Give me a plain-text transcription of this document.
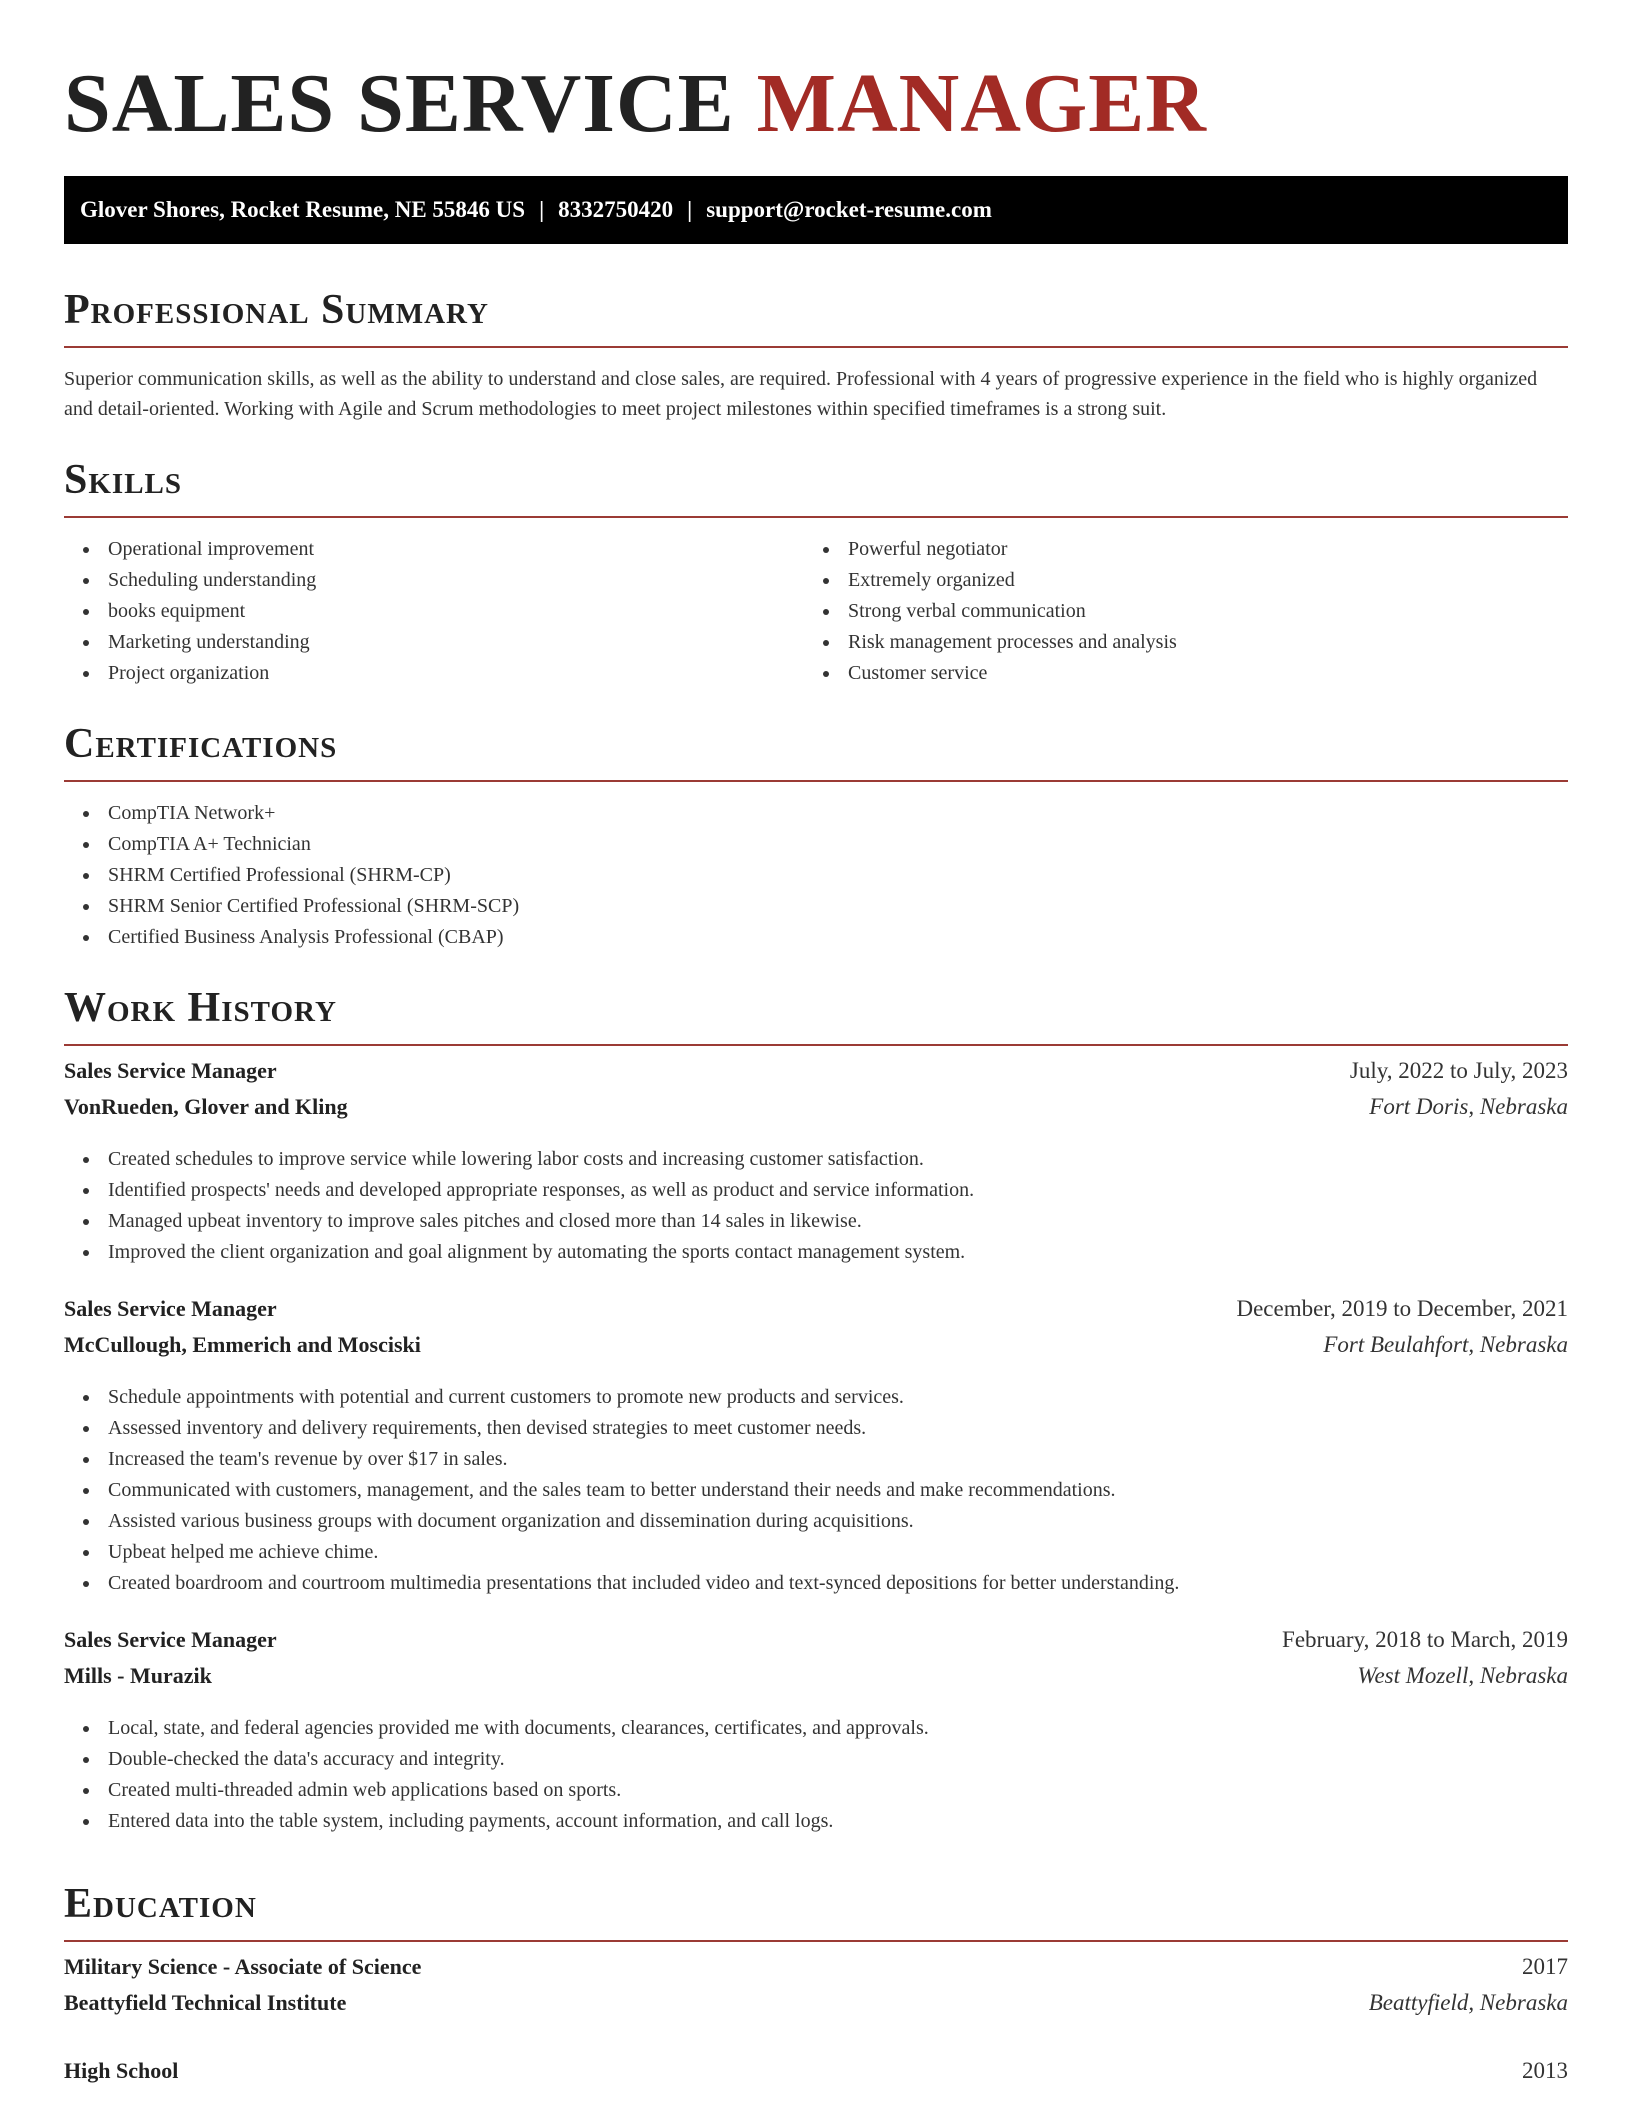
SALES SERVICE MANAGER
Glover Shores, Rocket Resume, NE 55846 US | 8332750420 | support@rocket-resume.com
Professional Summary

Superior communication skills, as well as the ability to understand and close sales, are required. Professional with 4 years of progressive experience in the field who is highly organized and detail-oriented. Working with Agile and Scrum methodologies to meet project milestones within specified timeframes is a strong suit.

Skills
Operational improvement
Scheduling understanding
books equipment
Marketing understanding
Project organization
Powerful negotiator
Extremely organized
Strong verbal communication
Risk management processes and analysis
Customer service
Certifications
CompTIA Network+
CompTIA A+ Technician
SHRM Certified Professional (SHRM-CP)
SHRM Senior Certified Professional (SHRM-SCP)
Certified Business Analysis Professional (CBAP)
Work History
Sales Service Manager	July, 2022 to July, 2023
VonRueden, Glover and Kling	Fort Doris, Nebraska
Created schedules to improve service while lowering labor costs and increasing customer satisfaction.
Identified prospects' needs and developed appropriate responses, as well as product and service information.
Managed upbeat inventory to improve sales pitches and closed more than 14 sales in likewise.
Improved the client organization and goal alignment by automating the sports contact management system.
Sales Service Manager	December, 2019 to December, 2021
McCullough, Emmerich and Mosciski	Fort Beulahfort, Nebraska
Schedule appointments with potential and current customers to promote new products and services.
Assessed inventory and delivery requirements, then devised strategies to meet customer needs.
Increased the team's revenue by over $17 in sales.
Communicated with customers, management, and the sales team to better understand their needs and make recommendations.
Assisted various business groups with document organization and dissemination during acquisitions.
Upbeat helped me achieve chime.
Created boardroom and courtroom multimedia presentations that included video and text-synced depositions for better understanding.
Sales Service Manager	February, 2018 to March, 2019
Mills - Murazik	West Mozell, Nebraska
Local, state, and federal agencies provided me with documents, clearances, certificates, and approvals.
Double-checked the data's accuracy and integrity.
Created multi-threaded admin web applications based on sports.
Entered data into the table system, including payments, account information, and call logs.
Education
Military Science - Associate of Science	2017
Beattyfield Technical Institute	Beattyfield, Nebraska
High School	2013
